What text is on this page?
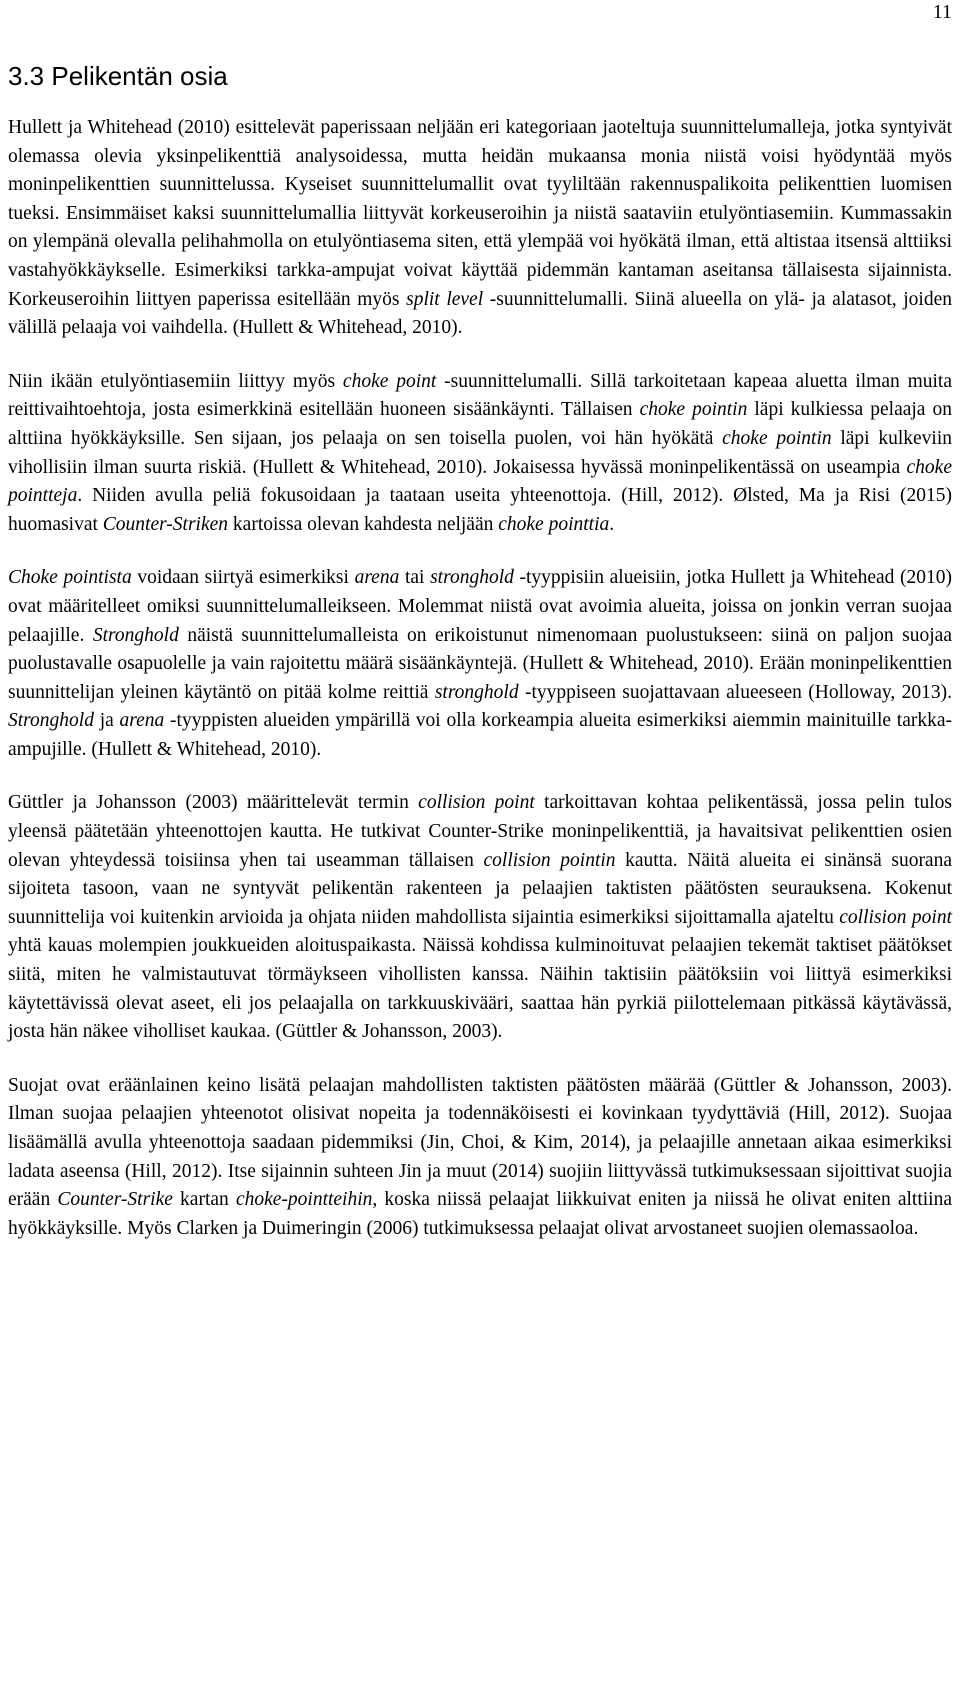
11
3.3 Pelikentän osia

Hullett ja Whitehead (2010) esittelevät paperissaan neljään eri kategoriaan jaoteltuja suunnittelumalleja, jotka syntyivät olemassa olevia yksinpelikenttiä analysoidessa, mutta heidän mukaansa monia niistä voisi hyödyntää myös moninpelikenttien suunnittelussa. Kyseiset suunnittelumallit ovat tyyliltään rakennuspalikoita pelikenttien luomisen tueksi. Ensimmäiset kaksi suunnittelumallia liittyvät korkeuseroihin ja niistä saataviin etulyöntiasemiin. Kummassakin on ylempänä olevalla pelihahmolla on etulyöntiasema siten, että ylempää voi hyökätä ilman, että altistaa itsensä alttiiksi vastahyökkäykselle. Esimerkiksi tarkka-ampujat voivat käyttää pidemmän kantaman aseitansa tällaisesta sijainnista. Korkeuseroihin liittyen paperissa esitellään myös split level -suunnittelumalli. Siinä alueella on ylä- ja alatasot, joiden välillä pelaaja voi vaihdella. (Hullett & Whitehead, 2010).

Niin ikään etulyöntiasemiin liittyy myös choke point -suunnittelumalli. Sillä tarkoitetaan kapeaa aluetta ilman muita reittivaihtoehtoja, josta esimerkkinä esitellään huoneen sisäänkäynti. Tällaisen choke pointin läpi kulkiessa pelaaja on alttiina hyökkäyksille. Sen sijaan, jos pelaaja on sen toisella puolen, voi hän hyökätä choke pointin läpi kulkeviin vihollisiin ilman suurta riskiä. (Hullett & Whitehead, 2010). Jokaisessa hyvässä moninpelikentässä on useampia choke pointteja. Niiden avulla peliä fokusoidaan ja taataan useita yhteenottoja. (Hill, 2012). Ølsted, Ma ja Risi (2015) huomasivat Counter-Striken kartoissa olevan kahdesta neljään choke pointtia.

Choke pointista voidaan siirtyä esimerkiksi arena tai stronghold -tyyppisiin alueisiin, jotka Hullett ja Whitehead (2010) ovat määritelleet omiksi suunnittelumalleikseen. Molemmat niistä ovat avoimia alueita, joissa on jonkin verran suojaa pelaajille. Stronghold näistä suunnittelumalleista on erikoistunut nimenomaan puolustukseen: siinä on paljon suojaa puolustavalle osapuolelle ja vain rajoitettu määrä sisäänkäyntejä. (Hullett & Whitehead, 2010). Erään moninpelikenttien suunnittelijan yleinen käytäntö on pitää kolme reittiä stronghold -tyyppiseen suojattavaan alueeseen (Holloway, 2013). Stronghold ja arena -tyyppisten alueiden ympärillä voi olla korkeampia alueita esimerkiksi aiemmin mainituille tarkka-ampujille. (Hullett & Whitehead, 2010).

Güttler ja Johansson (2003) määrittelevät termin collision point tarkoittavan kohtaa pelikentässä, jossa pelin tulos yleensä päätetään yhteenottojen kautta. He tutkivat Counter-Strike moninpelikenttiä, ja havaitsivat pelikenttien osien olevan yhteydessä toisiinsa yhen tai useamman tällaisen collision pointin kautta. Näitä alueita ei sinänsä suorana sijoiteta tasoon, vaan ne syntyvät pelikentän rakenteen ja pelaajien taktisten päätösten seurauksena. Kokenut suunnittelija voi kuitenkin arvioida ja ohjata niiden mahdollista sijaintia esimerkiksi sijoittamalla ajateltu collision point yhtä kauas molempien joukkueiden aloituspaikasta. Näissä kohdissa kulminoituvat pelaajien tekemät taktiset päätökset siitä, miten he valmistautuvat törmäykseen vihollisten kanssa. Näihin taktisiin päätöksiin voi liittyä esimerkiksi käytettävissä olevat aseet, eli jos pelaajalla on tarkkuuskivääri, saattaa hän pyrkiä piilottelemaan pitkässä käytävässä, josta hän näkee viholliset kaukaa. (Güttler & Johansson, 2003).

Suojat ovat eräänlainen keino lisätä pelaajan mahdollisten taktisten päätösten määrää (Güttler & Johansson, 2003). Ilman suojaa pelaajien yhteenotot olisivat nopeita ja todennäköisesti ei kovinkaan tyydyttäviä (Hill, 2012). Suojaa lisäämällä avulla yhteenottoja saadaan pidemmiksi (Jin, Choi, & Kim, 2014), ja pelaajille annetaan aikaa esimerkiksi ladata aseensa (Hill, 2012). Itse sijainnin suhteen Jin ja muut (2014) suojiin liittyvässä tutkimuksessaan sijoittivat suojia erään Counter-Strike kartan choke-pointteihin, koska niissä pelaajat liikkuivat eniten ja niissä he olivat eniten alttiina hyökkäyksille. Myös Clarken ja Duimeringin (2006) tutkimuksessa pelaajat olivat arvostaneet suojien olemassaoloa.
